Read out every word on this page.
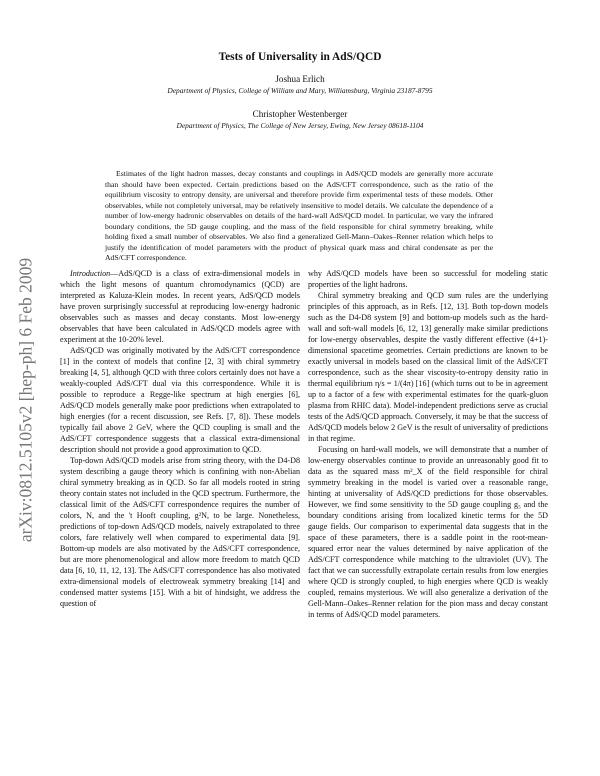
arXiv:0812.5105v2 [hep-ph] 6 Feb 2009
Tests of Universality in AdS/QCD
Joshua Erlich
Department of Physics, College of William and Mary, Williamsburg, Virginia 23187-8795
Christopher Westenberger
Department of Physics, The College of New Jersey, Ewing, New Jersey 08618-1104
Estimates of the light hadron masses, decay constants and couplings in AdS/QCD models are generally more accurate than should have been expected. Certain predictions based on the AdS/CFT correspondence, such as the ratio of the equilibrium viscosity to entropy density, are universal and therefore provide firm experimental tests of these models. Other observables, while not completely universal, may be relatively insensitive to model details. We calculate the dependence of a number of low-energy hadronic observables on details of the hard-wall AdS/QCD model. In particular, we vary the infrared boundary conditions, the 5D gauge coupling, and the mass of the field responsible for chiral symmetry breaking, while holding fixed a small number of observables. We also find a generalized Gell-Mann–Oakes–Renner relation which helps to justify the identification of model parameters with the product of physical quark mass and chiral condensate as per the AdS/CFT correspondence.

Introduction—AdS/QCD is a class of extra-dimensional models in which the light mesons of quantum chromodynamics (QCD) are interpreted as Kaluza-Klein modes. In recent years, AdS/QCD models have proven surprisingly successful at reproducing low-energy hadronic observables such as masses and decay constants. Most low-energy observables that have been calculated in AdS/QCD models agree with experiment at the 10-20% level.

AdS/QCD was originally motivated by the AdS/CFT correspondence [1] in the context of models that confine [2, 3] with chiral symmetry breaking [4, 5], although QCD with three colors certainly does not have a weakly-coupled AdS/CFT dual via this correspondence. While it is possible to reproduce a Regge-like spectrum at high energies [6], AdS/QCD models generally make poor predictions when extrapolated to high energies (for a recent discussion, see Refs. [7, 8]). These models typically fail above 2 GeV, where the QCD coupling is small and the AdS/CFT correspondence suggests that a classical extra-dimensional description should not provide a good approximation to QCD.

Top-down AdS/QCD models arise from string theory, with the D4-D8 system describing a gauge theory which is confining with non-Abelian chiral symmetry breaking as in QCD. So far all models rooted in string theory contain states not included in the QCD spectrum. Furthermore, the classical limit of the AdS/CFT correspondence requires the number of colors, N, and the 't Hooft coupling, g²N, to be large. Nonetheless, predictions of top-down AdS/QCD models, naively extrapolated to three colors, fare relatively well when compared to experimental data [9]. Bottom-up models are also motivated by the AdS/CFT correspondence, but are more phenomenological and allow more freedom to match QCD data [6, 10, 11, 12, 13]. The AdS/CFT correspondence has also motivated extra-dimensional models of electroweak symmetry breaking [14] and condensed matter systems [15]. With a bit of hindsight, we address the question of

why AdS/QCD models have been so successful for modeling static properties of the light hadrons.

Chiral symmetry breaking and QCD sum rules are the underlying principles of this approach, as in Refs. [12, 13]. Both top-down models such as the D4-D8 system [9] and bottom-up models such as the hard-wall and soft-wall models [6, 12, 13] generally make similar predictions for low-energy observables, despite the vastly different effective (4+1)-dimensional spacetime geometries. Certain predictions are known to be exactly universal in models based on the classical limit of the AdS/CFT correspondence, such as the shear viscosity-to-entropy density ratio in thermal equilibrium η/s = 1/(4π) [16] (which turns out to be in agreement up to a factor of a few with experimental estimates for the quark-gluon plasma from RHIC data). Model-independent predictions serve as crucial tests of the AdS/QCD approach. Conversely, it may be that the success of AdS/QCD models below 2 GeV is the result of universality of predictions in that regime.

Focusing on hard-wall models, we will demonstrate that a number of low-energy observables continue to provide an unreasonably good fit to data as the squared mass m²_X of the field responsible for chiral symmetry breaking in the model is varied over a reasonable range, hinting at universality of AdS/QCD predictions for those observables. However, we find some sensitivity to the 5D gauge coupling g₅ and the boundary conditions arising from localized kinetic terms for the 5D gauge fields. Our comparison to experimental data suggests that in the space of these parameters, there is a saddle point in the root-mean-squared error near the values determined by naive application of the AdS/CFT correspondence while matching to the ultraviolet (UV). The fact that we can successfully extrapolate certain results from low energies where QCD is strongly coupled, to high energies where QCD is weakly coupled, remains mysterious. We will also generalize a derivation of the Gell-Mann–Oakes–Renner relation for the pion mass and decay constant in terms of AdS/QCD model parameters.
